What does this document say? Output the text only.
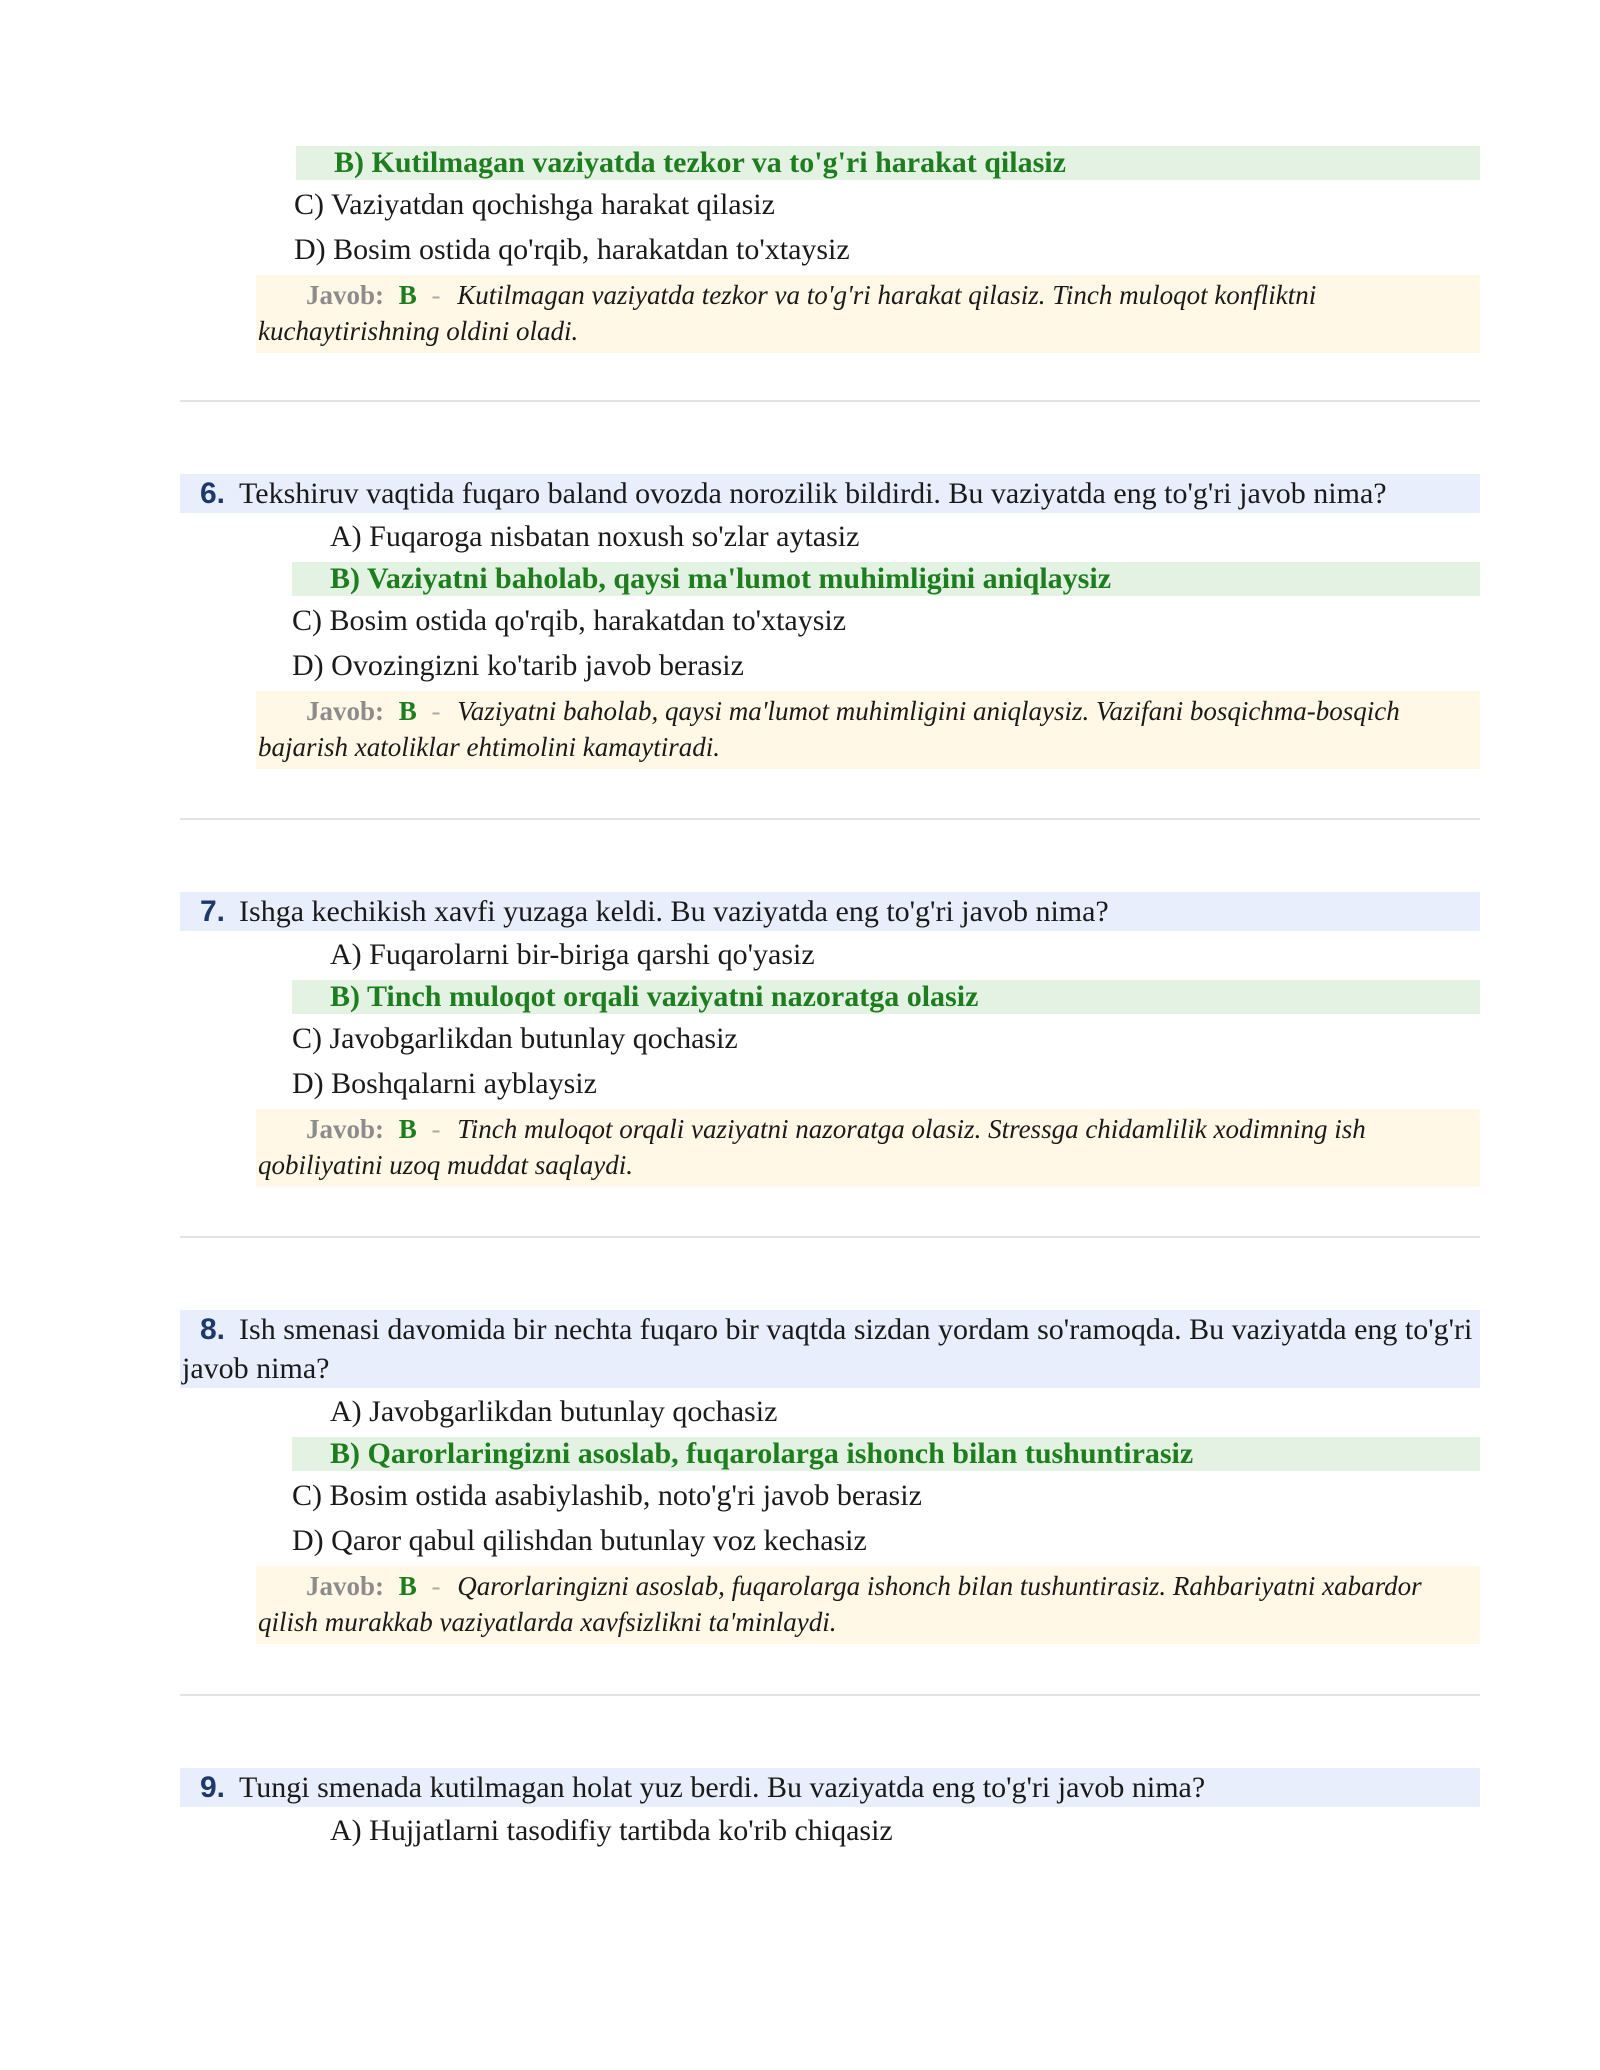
B) Kutilmagan vaziyatda tezkor va to'g'ri harakat qilasiz
C) Vaziyatdan qochishga harakat qilasiz
D) Bosim ostida qo'rqib, harakatdan to'xtaysiz
Javob: B - Kutilmagan vaziyatda tezkor va to'g'ri harakat qilasiz. Tinch muloqot konfliktni kuchaytirishning oldini oladi.
6. Tekshiruv vaqtida fuqaro baland ovozda norozilik bildirdi. Bu vaziyatda eng to'g'ri javob nima?
A) Fuqaroga nisbatan noxush so'zlar aytasiz
B) Vaziyatni baholab, qaysi ma'lumot muhimligini aniqlaysiz
C) Bosim ostida qo'rqib, harakatdan to'xtaysiz
D) Ovozingizni ko'tarib javob berasiz
Javob: B - Vaziyatni baholab, qaysi ma'lumot muhimligini aniqlaysiz. Vazifani bosqichma-bosqich bajarish xatoliklar ehtimolini kamaytiradi.
7. Ishga kechikish xavfi yuzaga keldi. Bu vaziyatda eng to'g'ri javob nima?
A) Fuqarolarni bir-biriga qarshi qo'yasiz
B) Tinch muloqot orqali vaziyatni nazoratga olasiz
C) Javobgarlikdan butunlay qochasiz
D) Boshqalarni ayblaysiz
Javob: B - Tinch muloqot orqali vaziyatni nazoratga olasiz. Stressga chidamlilik xodimning ish qobiliyatini uzoq muddat saqlaydi.
8. Ish smenasi davomida bir nechta fuqaro bir vaqtda sizdan yordam so'ramoqda. Bu vaziyatda eng to'g'ri javob nima?
A) Javobgarlikdan butunlay qochasiz
B) Qarorlaringizni asoslab, fuqarolarga ishonch bilan tushuntirasiz
C) Bosim ostida asabiylashib, noto'g'ri javob berasiz
D) Qaror qabul qilishdan butunlay voz kechasiz
Javob: B - Qarorlaringizni asoslab, fuqarolarga ishonch bilan tushuntirasiz. Rahbariyatni xabardor qilish murakkab vaziyatlarda xavfsizlikni ta'minlaydi.
9. Tungi smenada kutilmagan holat yuz berdi. Bu vaziyatda eng to'g'ri javob nima?
A) Hujjatlarni tasodifiy tartibda ko'rib chiqasiz
